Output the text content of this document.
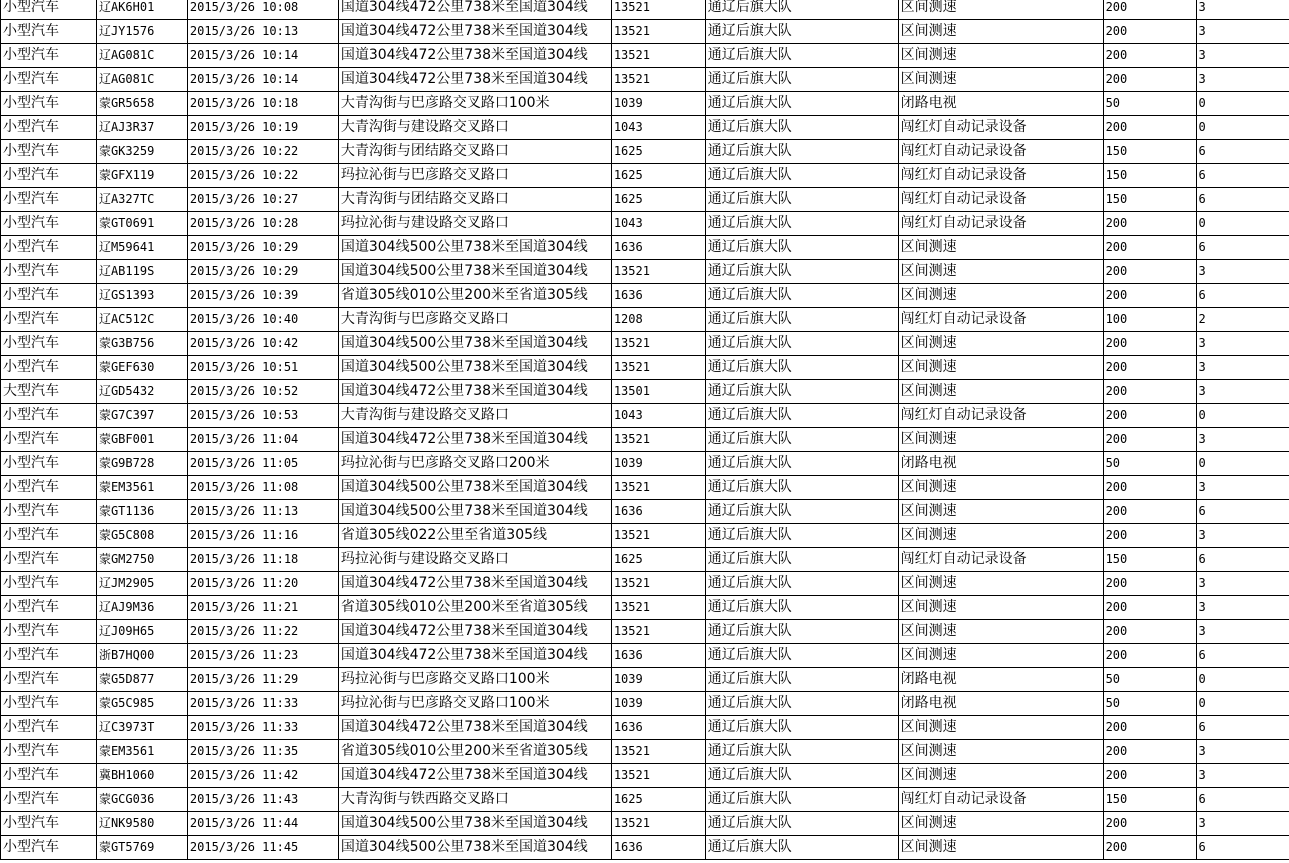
小型汽车	辽AK6H01	2015/3/26 10:08	国道304线472公里738米至国道304线	13521	通辽后旗大队	区间测速	200	3
小型汽车	辽JY1576	2015/3/26 10:13	国道304线472公里738米至国道304线	13521	通辽后旗大队	区间测速	200	3
小型汽车	辽AG081C	2015/3/26 10:14	国道304线472公里738米至国道304线	13521	通辽后旗大队	区间测速	200	3
小型汽车	辽AG081C	2015/3/26 10:14	国道304线472公里738米至国道304线	13521	通辽后旗大队	区间测速	200	3
小型汽车	蒙GR5658	2015/3/26 10:18	大青沟街与巴彦路交叉路口100米	1039	通辽后旗大队	闭路电视	50	0
小型汽车	辽AJ3R37	2015/3/26 10:19	大青沟街与建设路交叉路口	1043	通辽后旗大队	闯红灯自动记录设备	200	0
小型汽车	蒙GK3259	2015/3/26 10:22	大青沟街与团结路交叉路口	1625	通辽后旗大队	闯红灯自动记录设备	150	6
小型汽车	蒙GFX119	2015/3/26 10:22	玛拉沁街与巴彦路交叉路口	1625	通辽后旗大队	闯红灯自动记录设备	150	6
小型汽车	辽A327TC	2015/3/26 10:27	大青沟街与团结路交叉路口	1625	通辽后旗大队	闯红灯自动记录设备	150	6
小型汽车	蒙GT0691	2015/3/26 10:28	玛拉沁街与建设路交叉路口	1043	通辽后旗大队	闯红灯自动记录设备	200	0
小型汽车	辽M59641	2015/3/26 10:29	国道304线500公里738米至国道304线	1636	通辽后旗大队	区间测速	200	6
小型汽车	辽AB119S	2015/3/26 10:29	国道304线500公里738米至国道304线	13521	通辽后旗大队	区间测速	200	3
小型汽车	辽GS1393	2015/3/26 10:39	省道305线010公里200米至省道305线	1636	通辽后旗大队	区间测速	200	6
小型汽车	辽AC512C	2015/3/26 10:40	大青沟街与巴彦路交叉路口	1208	通辽后旗大队	闯红灯自动记录设备	100	2
小型汽车	蒙G3B756	2015/3/26 10:42	国道304线500公里738米至国道304线	13521	通辽后旗大队	区间测速	200	3
小型汽车	蒙GEF630	2015/3/26 10:51	国道304线500公里738米至国道304线	13521	通辽后旗大队	区间测速	200	3
大型汽车	辽GD5432	2015/3/26 10:52	国道304线472公里738米至国道304线	13501	通辽后旗大队	区间测速	200	3
小型汽车	蒙G7C397	2015/3/26 10:53	大青沟街与建设路交叉路口	1043	通辽后旗大队	闯红灯自动记录设备	200	0
小型汽车	蒙GBF001	2015/3/26 11:04	国道304线472公里738米至国道304线	13521	通辽后旗大队	区间测速	200	3
小型汽车	蒙G9B728	2015/3/26 11:05	玛拉沁街与巴彦路交叉路口200米	1039	通辽后旗大队	闭路电视	50	0
小型汽车	蒙EM3561	2015/3/26 11:08	国道304线500公里738米至国道304线	13521	通辽后旗大队	区间测速	200	3
小型汽车	蒙GT1136	2015/3/26 11:13	国道304线500公里738米至国道304线	1636	通辽后旗大队	区间测速	200	6
小型汽车	蒙G5C808	2015/3/26 11:16	省道305线022公里至省道305线	13521	通辽后旗大队	区间测速	200	3
小型汽车	蒙GM2750	2015/3/26 11:18	玛拉沁街与建设路交叉路口	1625	通辽后旗大队	闯红灯自动记录设备	150	6
小型汽车	辽JM2905	2015/3/26 11:20	国道304线472公里738米至国道304线	13521	通辽后旗大队	区间测速	200	3
小型汽车	辽AJ9M36	2015/3/26 11:21	省道305线010公里200米至省道305线	13521	通辽后旗大队	区间测速	200	3
小型汽车	辽J09H65	2015/3/26 11:22	国道304线472公里738米至国道304线	13521	通辽后旗大队	区间测速	200	3
小型汽车	浙B7HQ00	2015/3/26 11:23	国道304线472公里738米至国道304线	1636	通辽后旗大队	区间测速	200	6
小型汽车	蒙G5D877	2015/3/26 11:29	玛拉沁街与巴彦路交叉路口100米	1039	通辽后旗大队	闭路电视	50	0
小型汽车	蒙G5C985	2015/3/26 11:33	玛拉沁街与巴彦路交叉路口100米	1039	通辽后旗大队	闭路电视	50	0
小型汽车	辽C3973T	2015/3/26 11:33	国道304线472公里738米至国道304线	1636	通辽后旗大队	区间测速	200	6
小型汽车	蒙EM3561	2015/3/26 11:35	省道305线010公里200米至省道305线	13521	通辽后旗大队	区间测速	200	3
小型汽车	冀BH1060	2015/3/26 11:42	国道304线472公里738米至国道304线	13521	通辽后旗大队	区间测速	200	3
小型汽车	蒙GCG036	2015/3/26 11:43	大青沟街与铁西路交叉路口	1625	通辽后旗大队	闯红灯自动记录设备	150	6
小型汽车	辽NK9580	2015/3/26 11:44	国道304线500公里738米至国道304线	13521	通辽后旗大队	区间测速	200	3
小型汽车	蒙GT5769	2015/3/26 11:45	国道304线500公里738米至国道304线	1636	通辽后旗大队	区间测速	200	6
